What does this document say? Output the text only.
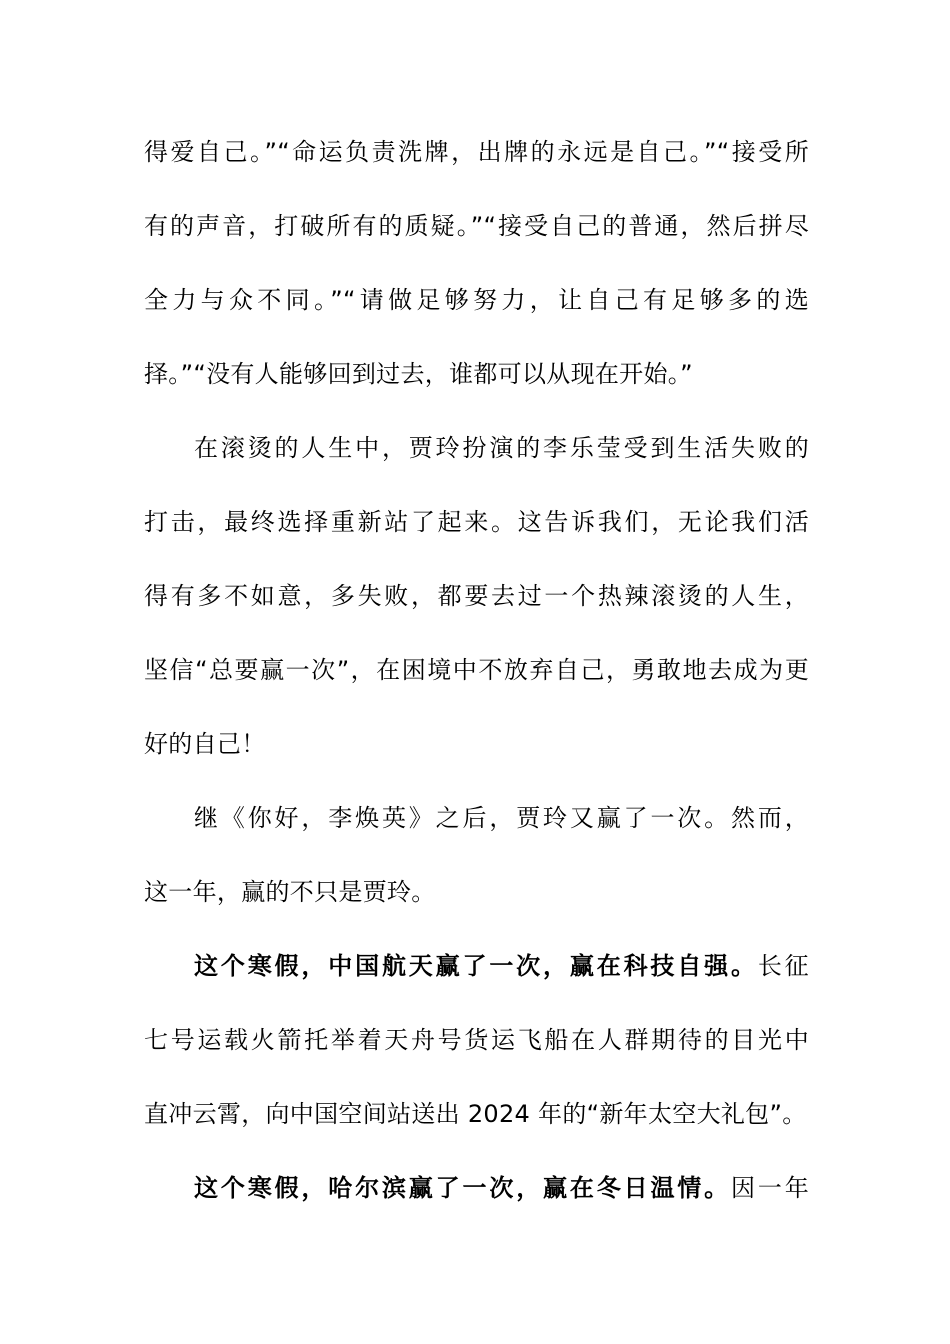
得爱自己。”“命运负责洗牌，出牌的永远是自己。”“接受所
有的声音，打破所有的质疑。”“接受自己的普通，然后拼尽
全力与众不同。”“请做足够努力，让自己有足够多的选
择。”“没有人能够回到过去，谁都可以从现在开始。”
在滚烫的人生中，贾玲扮演的李乐莹受到生活失败的
打击，最终选择重新站了起来。这告诉我们，无论我们活
得有多不如意，多失败，都要去过一个热辣滚烫的人生，
坚信“总要赢一次”，在困境中不放弃自己，勇敢地去成为更
好的自己！
继《你好，李焕英》之后，贾玲又赢了一次。然而，
这一年，赢的不只是贾玲。
这个寒假，中国航天赢了一次，赢在科技自强。长征
七号运载火箭托举着天舟号货运飞船在人群期待的目光中
直冲云霄，向中国空间站送出 2024 年的“新年太空大礼包”。
这个寒假，哈尔滨赢了一次，赢在冬日温情。因一年
